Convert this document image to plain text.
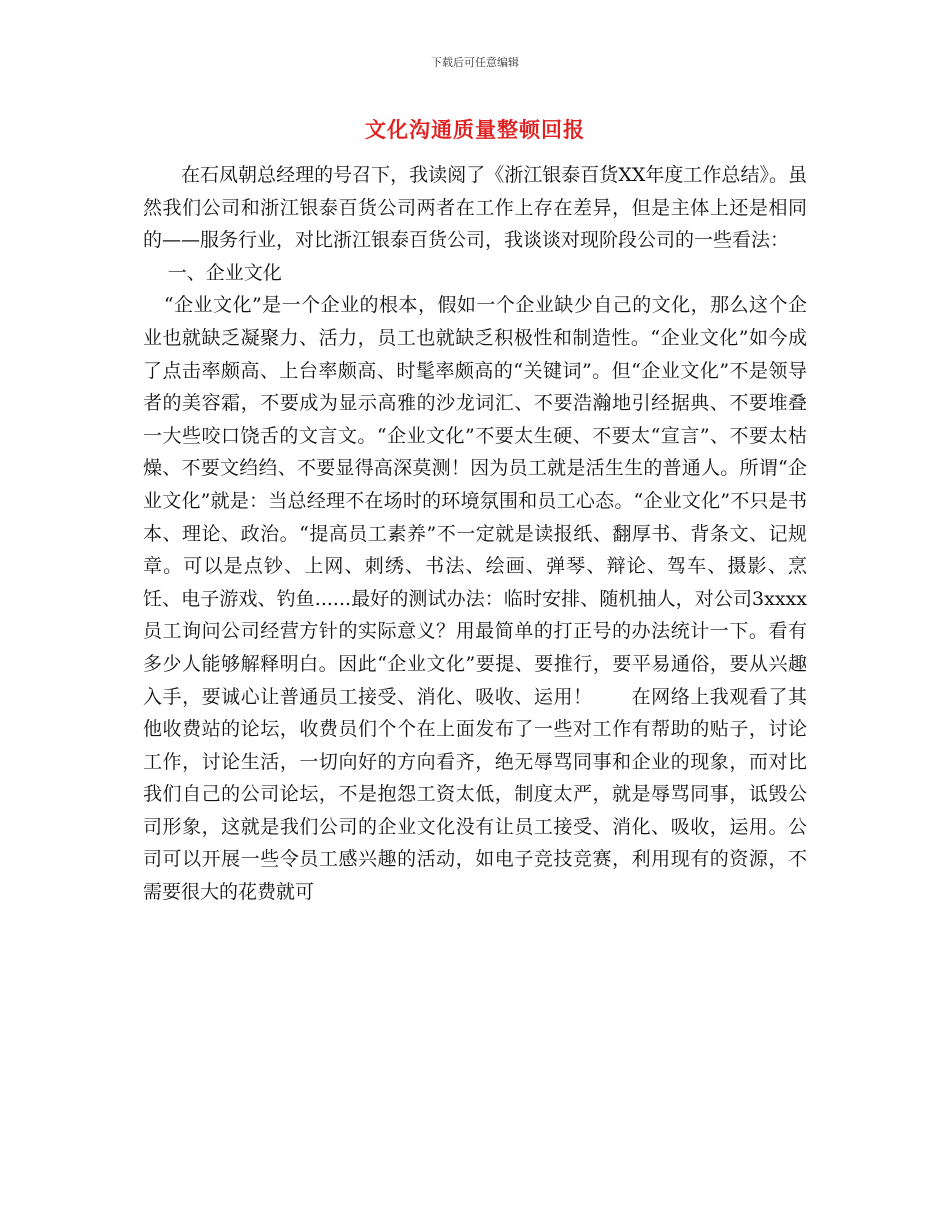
下载后可任意编辑
文化沟通质量整顿回报

在石凤朝总经理的号召下，我读阅了《浙江银泰百货XX年度工作总结》。虽然我们公司和浙江银泰百货公司两者在工作上存在差异，但是主体上还是相同的——服务行业，对比浙江银泰百货公司，我谈谈对现阶段公司的一些看法：

一、企业文化

“企业文化”是一个企业的根本，假如一个企业缺少自己的文化，那么这个企业也就缺乏凝聚力、活力，员工也就缺乏积极性和制造性。“企业文化”如今成了点击率颇高、上台率颇高、时髦率颇高的“关键词”。但“企业文化”不是领导者的美容霜，不要成为显示高雅的沙龙词汇、不要浩瀚地引经据典、不要堆叠一大些咬口饶舌的文言文。“企业文化”不要太生硬、不要太“宣言”、不要太枯燥、不要文绉绉、不要显得高深莫测！因为员工就是活生生的普通人。所谓“企业文化”就是：当总经理不在场时的环境氛围和员工心态。“企业文化”不只是书本、理论、政治。“提高员工素养”不一定就是读报纸、翻厚书、背条文、记规章。可以是点钞、上网、刺绣、书法、绘画、弹琴、辩论、驾车、摄影、烹饪、电子游戏、钓鱼......最好的测试办法：临时安排、随机抽人，对公司3xxxx员工询问公司经营方针的实际意义？用最简单的打正号的办法统计一下。看有多少人能够解释明白。因此“企业文化”要提、要推行，要平易通俗，要从兴趣入手，要诚心让普通员工接受、消化、吸收、运用！　　在网络上我观看了其他收费站的论坛，收费员们个个在上面发布了一些对工作有帮助的贴子，讨论工作，讨论生活，一切向好的方向看齐，绝无辱骂同事和企业的现象，而对比我们自己的公司论坛，不是抱怨工资太低，制度太严，就是辱骂同事，诋毁公司形象，这就是我们公司的企业文化没有让员工接受、消化、吸收，运用。公司可以开展一些令员工感兴趣的活动，如电子竞技竞赛，利用现有的资源，不需要很大的花费就可
